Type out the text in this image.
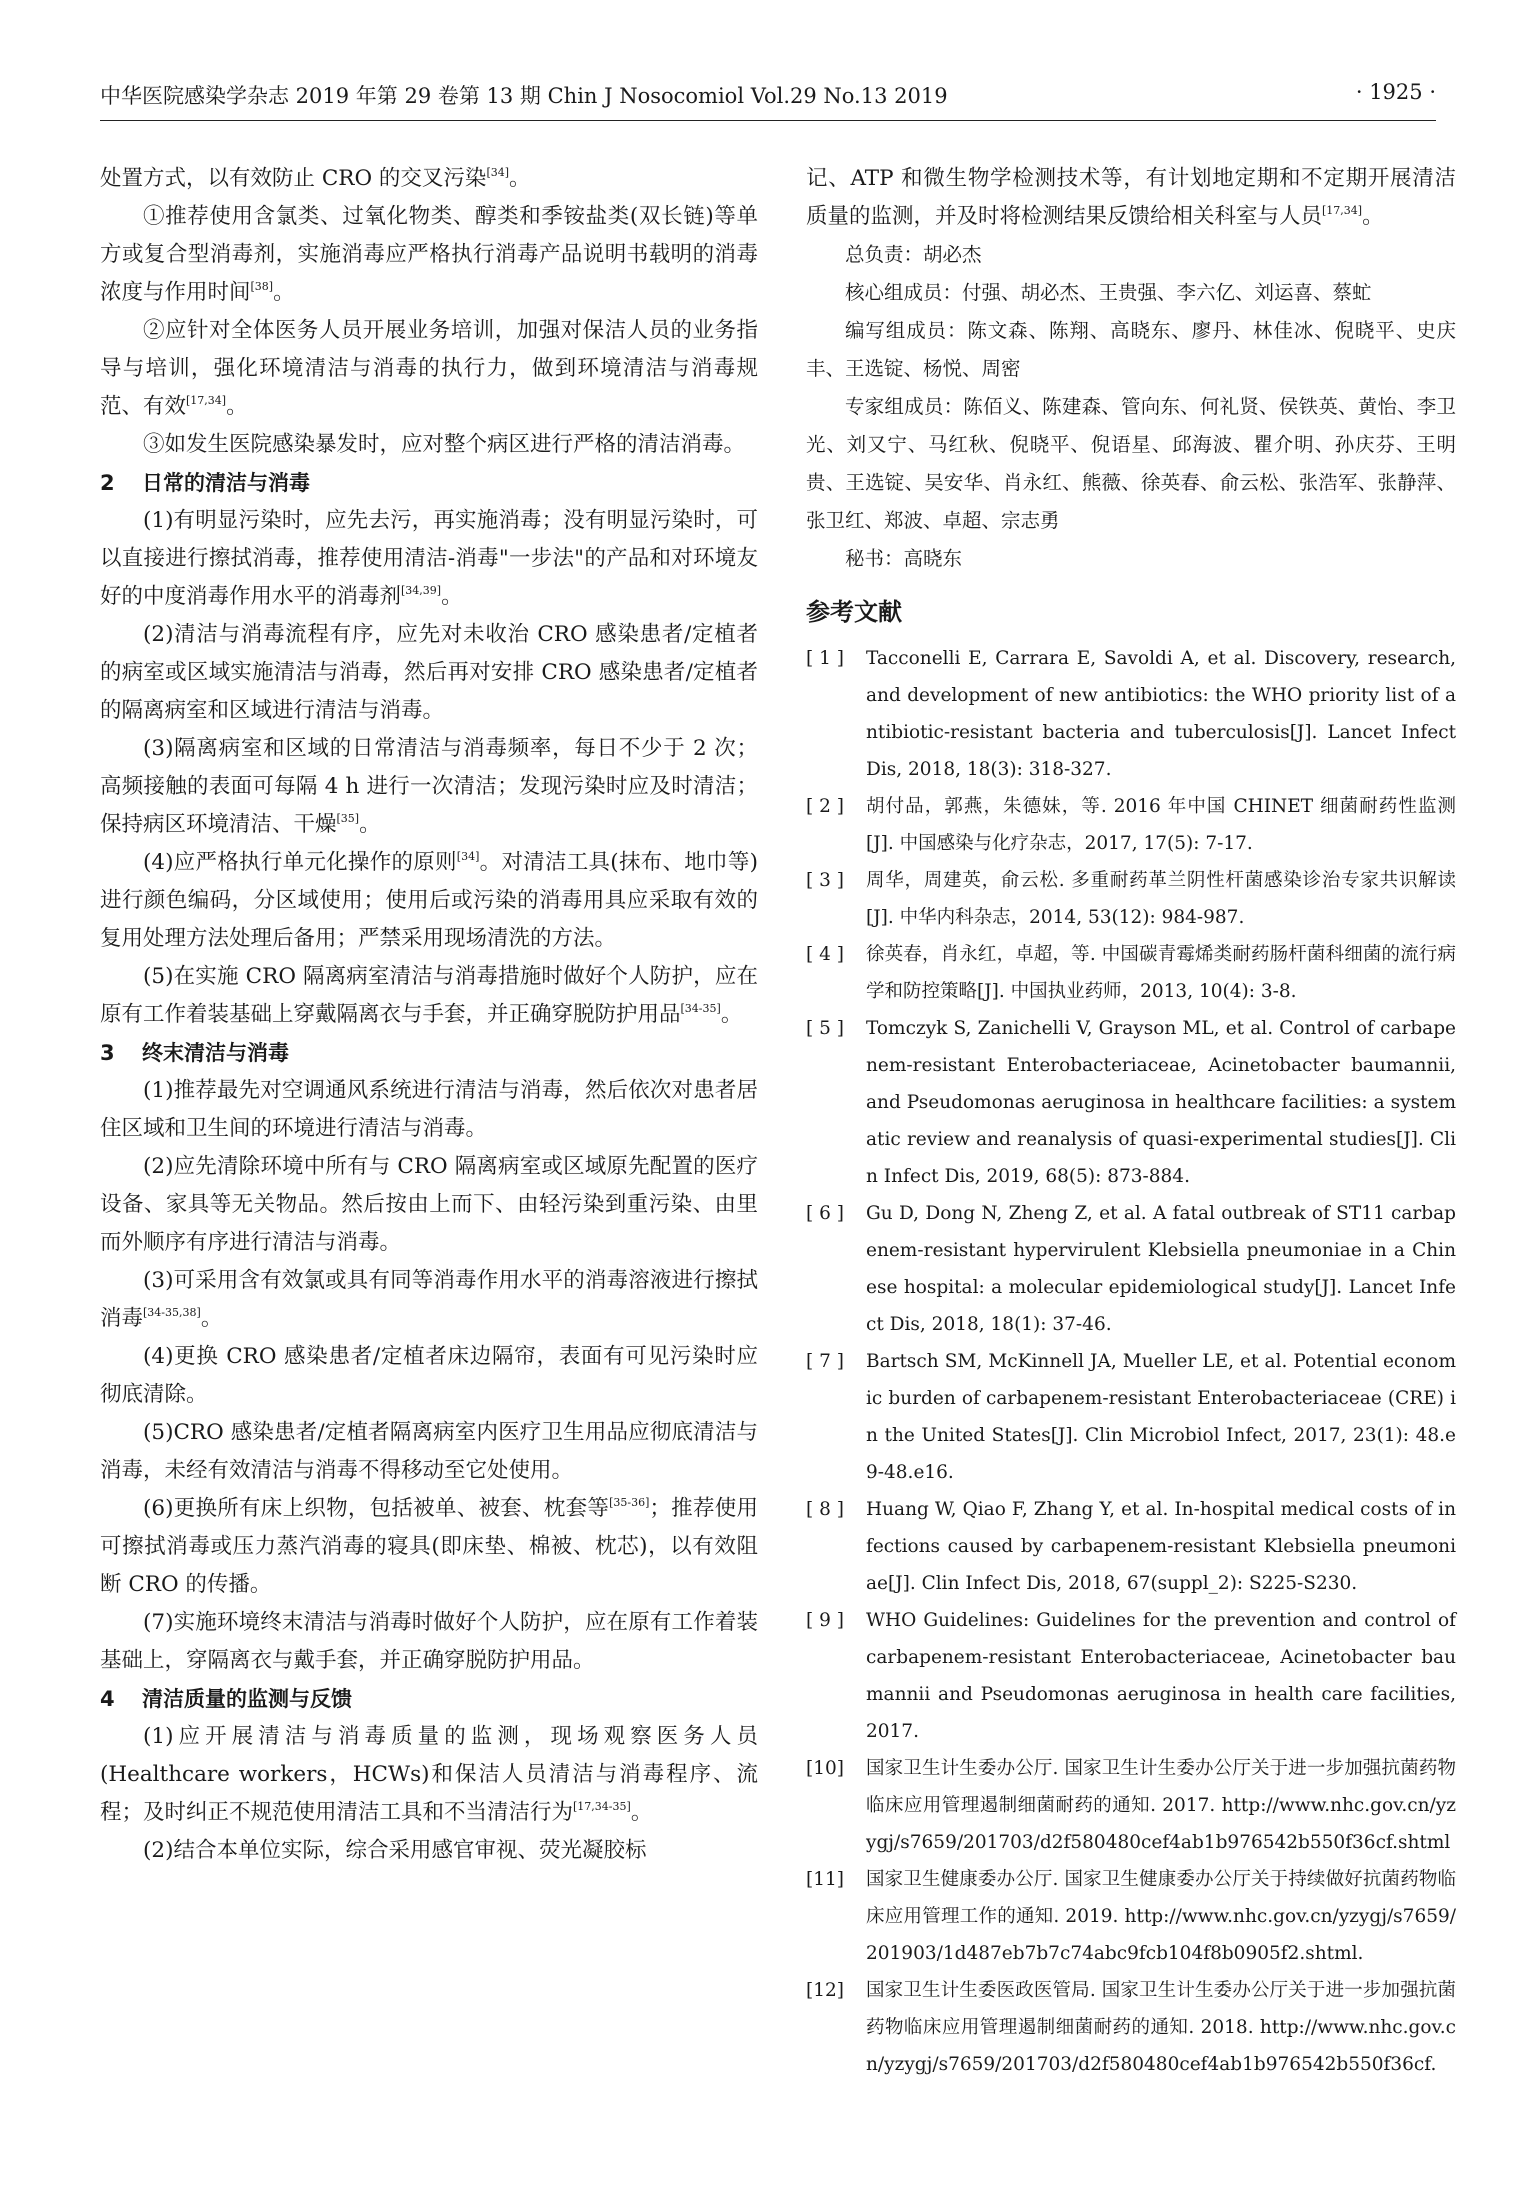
中华医院感染学杂志 2019 年第 29 卷第 13 期 Chin J Nosocomiol Vol.29 No.13 2019	· 1925 ·

处置方式，以有效防止 CRO 的交叉污染[34]。

①推荐使用含氯类、过氧化物类、醇类和季铵盐类(双长链)等单方或复合型消毒剂，实施消毒应严格执行消毒产品说明书载明的消毒浓度与作用时间[38]。

②应针对全体医务人员开展业务培训，加强对保洁人员的业务指导与培训，强化环境清洁与消毒的执行力，做到环境清洁与消毒规范、有效[17,34]。

③如发生医院感染暴发时，应对整个病区进行严格的清洁消毒。

2 日常的清洁与消毒

(1)有明显污染时，应先去污，再实施消毒；没有明显污染时，可以直接进行擦拭消毒，推荐使用清洁-消毒"一步法"的产品和对环境友好的中度消毒作用水平的消毒剂[34,39]。

(2)清洁与消毒流程有序，应先对未收治 CRO 感染患者/定植者的病室或区域实施清洁与消毒，然后再对安排 CRO 感染患者/定植者的隔离病室和区域进行清洁与消毒。

(3)隔离病室和区域的日常清洁与消毒频率，每日不少于 2 次；高频接触的表面可每隔 4 h 进行一次清洁；发现污染时应及时清洁；保持病区环境清洁、干燥[35]。

(4)应严格执行单元化操作的原则[34]。对清洁工具(抹布、地巾等)进行颜色编码，分区域使用；使用后或污染的消毒用具应采取有效的复用处理方法处理后备用；严禁采用现场清洗的方法。

(5)在实施 CRO 隔离病室清洁与消毒措施时做好个人防护，应在原有工作着装基础上穿戴隔离衣与手套，并正确穿脱防护用品[34-35]。

3 终末清洁与消毒

(1)推荐最先对空调通风系统进行清洁与消毒，然后依次对患者居住区域和卫生间的环境进行清洁与消毒。

(2)应先清除环境中所有与 CRO 隔离病室或区域原先配置的医疗设备、家具等无关物品。然后按由上而下、由轻污染到重污染、由里而外顺序有序进行清洁与消毒。

(3)可采用含有效氯或具有同等消毒作用水平的消毒溶液进行擦拭消毒[34-35,38]。

(4)更换 CRO 感染患者/定植者床边隔帘，表面有可见污染时应彻底清除。

(5)CRO 感染患者/定植者隔离病室内医疗卫生用品应彻底清洁与消毒，未经有效清洁与消毒不得移动至它处使用。

(6)更换所有床上织物，包括被单、被套、枕套等[35-36]；推荐使用可擦拭消毒或压力蒸汽消毒的寝具(即床垫、棉被、枕芯)，以有效阻断 CRO 的传播。

(7)实施环境终末清洁与消毒时做好个人防护，应在原有工作着装基础上，穿隔离衣与戴手套，并正确穿脱防护用品。

4 清洁质量的监测与反馈

(1)应开展清洁与消毒质量的监测，现场观察医务人员(Healthcare workers，HCWs)和保洁人员清洁与消毒程序、流程；及时纠正不规范使用清洁工具和不当清洁行为[17,34-35]。

(2)结合本单位实际，综合采用感官审视、荧光凝胶标

记、ATP 和微生物学检测技术等，有计划地定期和不定期开展清洁质量的监测，并及时将检测结果反馈给相关科室与人员[17,34]。

总负责：胡必杰

核心组成员：付强、胡必杰、王贵强、李六亿、刘运喜、蔡虻

编写组成员：陈文森、陈翔、高晓东、廖丹、林佳冰、倪晓平、史庆丰、王选锭、杨悦、周密

专家组成员：陈佰义、陈建森、管向东、何礼贤、侯铁英、黄怡、李卫光、刘又宁、马红秋、倪晓平、倪语星、邱海波、瞿介明、孙庆芬、王明贵、王选锭、吴安华、肖永红、熊薇、徐英春、俞云松、张浩军、张静萍、张卫红、郑波、卓超、宗志勇

秘书：高晓东

参考文献

[ 1 ]	Tacconelli E, Carrara E, Savoldi A, et al. Discovery, research, and development of new antibiotics: the WHO priority list of antibiotic-resistant bacteria and tuberculosis[J]. Lancet Infect Dis, 2018, 18(3): 318-327.
[ 2 ]	胡付品，郭燕，朱德妹，等. 2016 年中国 CHINET 细菌耐药性监测[J]. 中国感染与化疗杂志，2017, 17(5): 7-17.
[ 3 ]	周华，周建英，俞云松. 多重耐药革兰阴性杆菌感染诊治专家共识解读[J]. 中华内科杂志，2014, 53(12): 984-987.
[ 4 ]	徐英春，肖永红，卓超，等. 中国碳青霉烯类耐药肠杆菌科细菌的流行病学和防控策略[J]. 中国执业药师，2013, 10(4): 3-8.
[ 5 ]	Tomczyk S, Zanichelli V, Grayson ML, et al. Control of carbapenem-resistant Enterobacteriaceae, Acinetobacter baumannii, and Pseudomonas aeruginosa in healthcare facilities: a systematic review and reanalysis of quasi-experimental studies[J]. Clin Infect Dis, 2019, 68(5): 873-884.
[ 6 ]	Gu D, Dong N, Zheng Z, et al. A fatal outbreak of ST11 carbapenem-resistant hypervirulent Klebsiella pneumoniae in a Chinese hospital: a molecular epidemiological study[J]. Lancet Infect Dis, 2018, 18(1): 37-46.
[ 7 ]	Bartsch SM, McKinnell JA, Mueller LE, et al. Potential economic burden of carbapenem-resistant Enterobacteriaceae (CRE) in the United States[J]. Clin Microbiol Infect, 2017, 23(1): 48.e9-48.e16.
[ 8 ]	Huang W, Qiao F, Zhang Y, et al. In-hospital medical costs of infections caused by carbapenem-resistant Klebsiella pneumoniae[J]. Clin Infect Dis, 2018, 67(suppl_2): S225-S230.
[ 9 ]	WHO Guidelines: Guidelines for the prevention and control of carbapenem-resistant Enterobacteriaceae, Acinetobacter baumannii and Pseudomonas aeruginosa in health care facilities, 2017.
[10]	国家卫生计生委办公厅. 国家卫生计生委办公厅关于进一步加强抗菌药物临床应用管理遏制细菌耐药的通知. 2017. http://www.nhc.gov.cn/yzygj/s7659/201703/d2f580480cef4ab1b976542b550f36cf.shtml
[11]	国家卫生健康委办公厅. 国家卫生健康委办公厅关于持续做好抗菌药物临床应用管理工作的通知. 2019. http://www.nhc.gov.cn/yzygj/s7659/201903/1d487eb7b7c74abc9fcb104f8b0905f2.shtml.
[12]	国家卫生计生委医政医管局. 国家卫生计生委办公厅关于进一步加强抗菌药物临床应用管理遏制细菌耐药的通知. 2018. http://www.nhc.gov.cn/yzygj/s7659/201703/d2f580480cef4ab1b976542b550f36cf.
